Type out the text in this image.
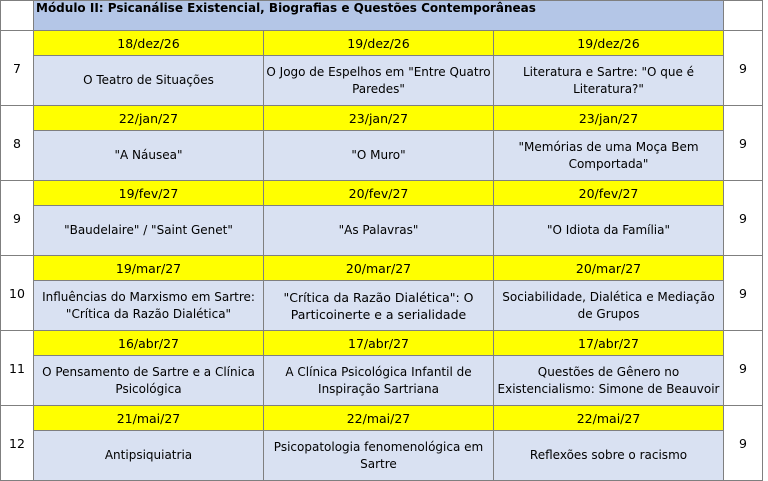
	Módulo II: Psicanálise Existencial, Biografias e Questões Contemporâneas			
7	18/dez/26	19/dez/26	19/dez/26	9
	O Teatro de Situações	O Jogo de Espelhos em "Entre Quatro Paredes"	Literatura e Sartre: "O que é Literatura?"	
8	22/jan/27	23/jan/27	23/jan/27	9
	"A Náusea"	"O Muro"	"Memórias de uma Moça Bem Comportada"	
9	19/fev/27	20/fev/27	20/fev/27	9
	"Baudelaire" / "Saint Genet"	"As Palavras"	"O Idiota da Família"	
10	19/mar/27	20/mar/27	20/mar/27	9
	Influências do Marxismo em Sartre: "Crítica da Razão Dialética"	"Crítica da Razão Dialética": O Particoinerte e a serialidade	Sociabilidade, Dialética e Mediação de Grupos	
11	16/abr/27	17/abr/27	17/abr/27	9
	O Pensamento de Sartre e a Clínica Psicológica	A Clínica Psicológica Infantil de Inspiração Sartriana	Questões de Gênero no Existencialismo: Simone de Beauvoir	
12	21/mai/27	22/mai/27	22/mai/27	9
	Antipsiquiatria	Psicopatologia fenomenológica em Sartre	Reflexões sobre o racismo	
